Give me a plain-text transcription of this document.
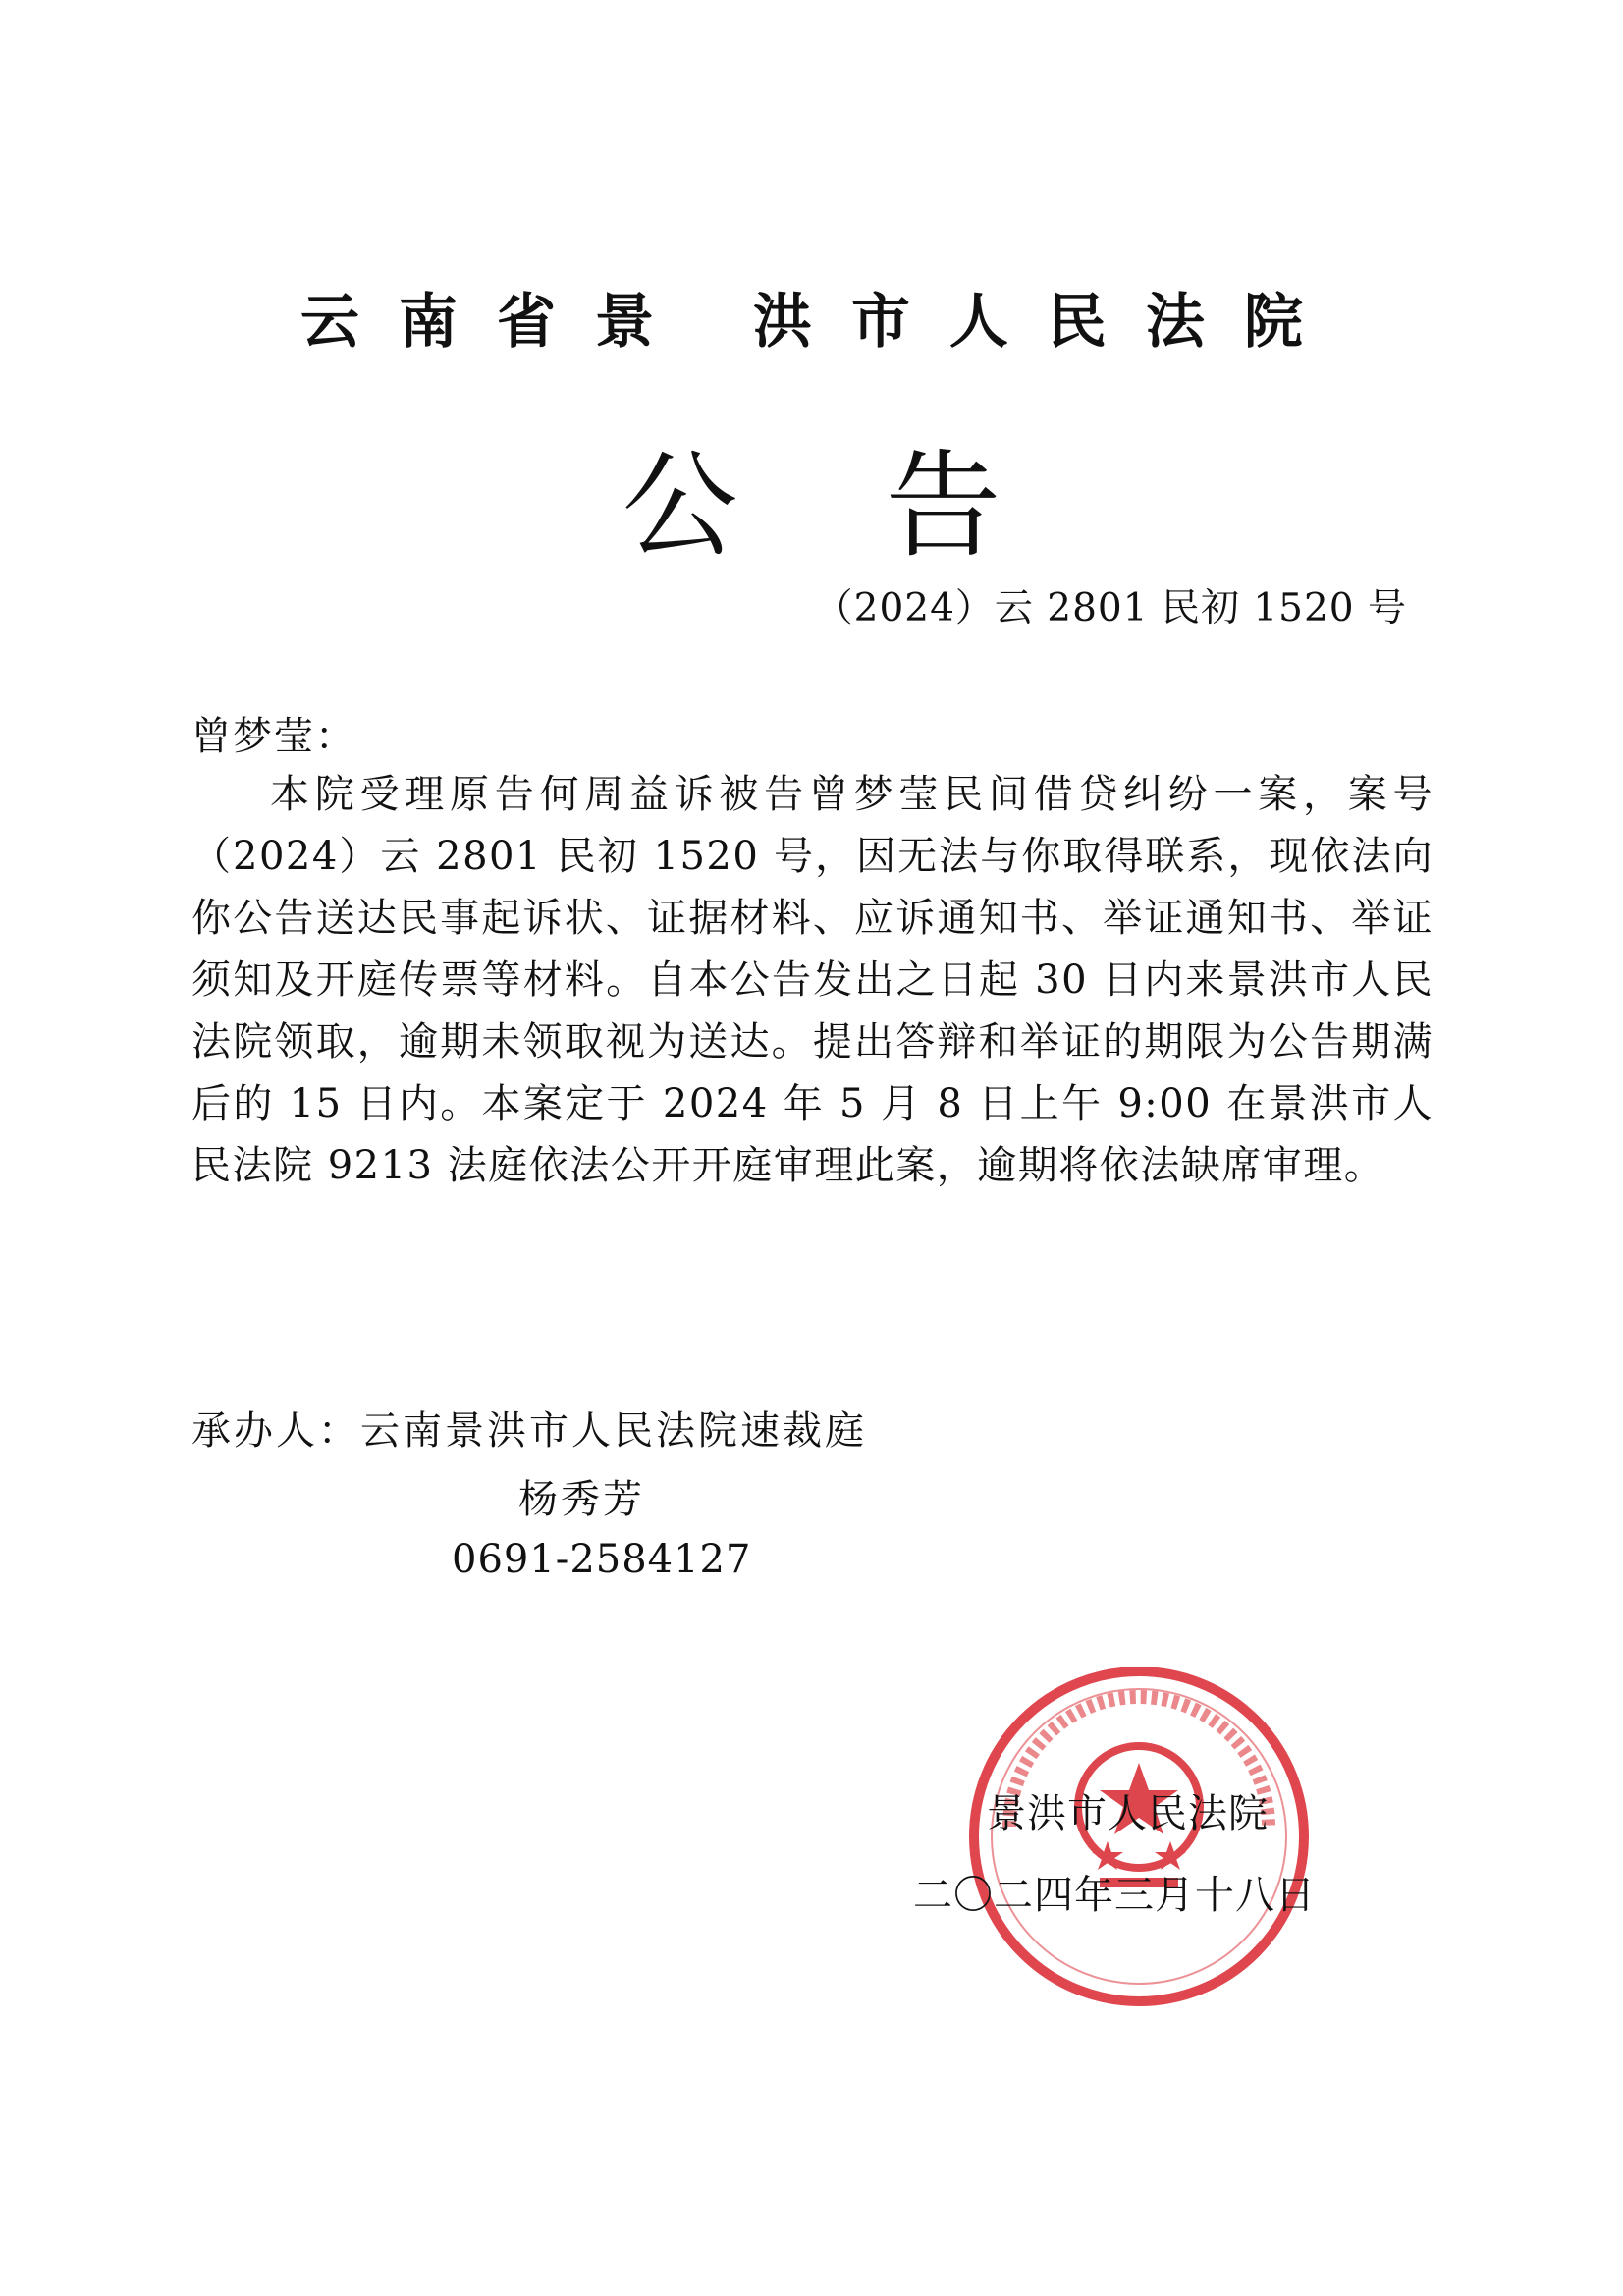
云南省景 洪市人民法院
公告
（2024）云 2801 民初 1520 号
曾梦莹：
本院受理原告何周益诉被告曾梦莹民间借贷纠纷一案，案号（2024）云 2801 民初 1520 号，因无法与你取得联系，现依法向你公告送达民事起诉状、证据材料、应诉通知书、举证通知书、举证须知及开庭传票等材料。自本公告发出之日起 30 日内来景洪市人民法院领取，逾期未领取视为送达。提出答辩和举证的期限为公告期满后的 15 日内。本案定于 2024 年 5 月 8 日上午 9:00 在景洪市人民法院 9213 法庭依法公开开庭审理此案，逾期将依法缺席审理。
承办人：云南景洪市人民法院速裁庭
杨秀芳
0691-2584127
景洪市人民法院
二〇二四年三月十八日
